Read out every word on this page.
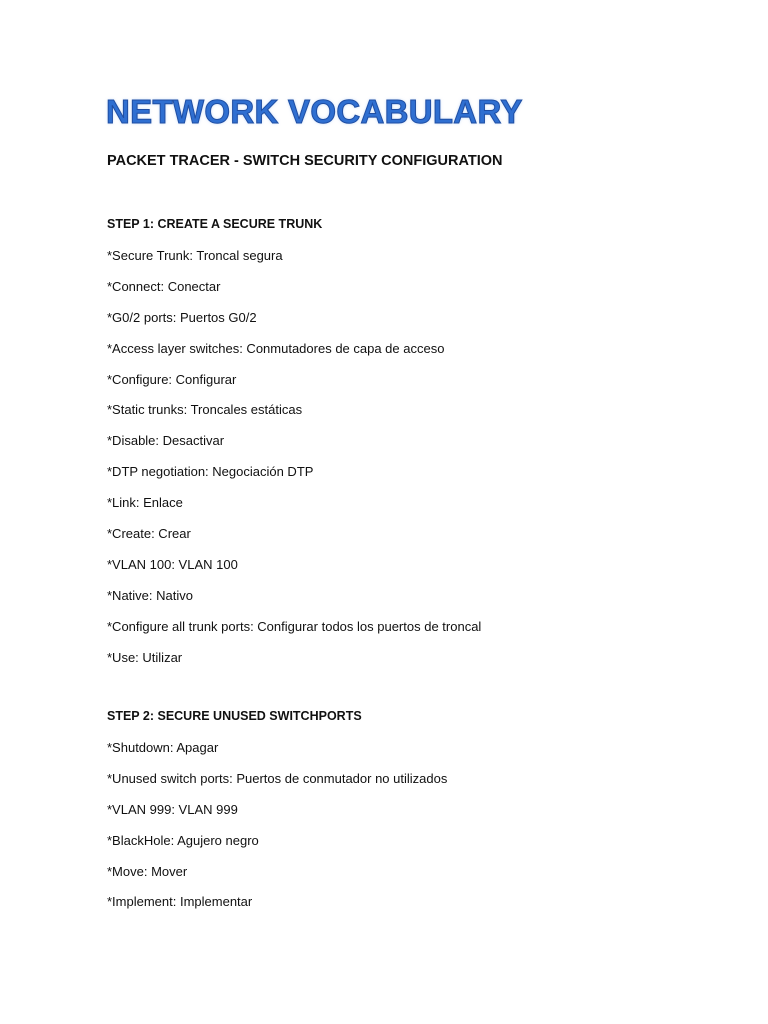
NETWORK VOCABULARY
PACKET TRACER - SWITCH SECURITY CONFIGURATION
STEP 1: CREATE A SECURE TRUNK
*Secure Trunk: Troncal segura
*Connect: Conectar
*G0/2 ports: Puertos G0/2
*Access layer switches: Conmutadores de capa de acceso
*Configure: Configurar
*Static trunks: Troncales estáticas
*Disable: Desactivar
*DTP negotiation: Negociación DTP
*Link: Enlace
*Create: Crear
*VLAN 100: VLAN 100
*Native: Nativo
*Configure all trunk ports: Configurar todos los puertos de troncal
*Use: Utilizar
STEP 2: SECURE UNUSED SWITCHPORTS
*Shutdown: Apagar
*Unused switch ports: Puertos de conmutador no utilizados
*VLAN 999: VLAN 999
*BlackHole: Agujero negro
*Move: Mover
*Implement: Implementar
